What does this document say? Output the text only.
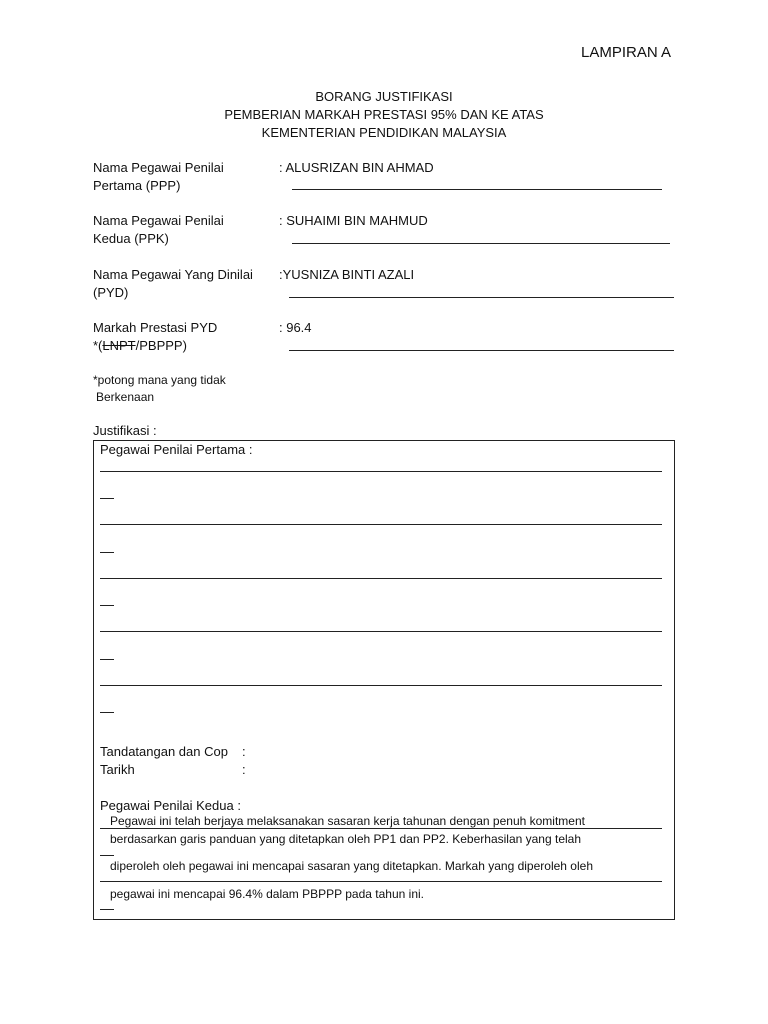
LAMPIRAN A
BORANG JUSTIFIKASI
PEMBERIAN MARKAH PRESTASI 95% DAN KE ATAS
KEMENTERIAN PENDIDIKAN MALAYSIA
Nama Pegawai Penilai
Pertama (PPP)
: ALUSRIZAN BIN AHMAD
Nama Pegawai Penilai
Kedua (PPK)
: SUHAIMI BIN MAHMUD
Nama Pegawai Yang Dinilai
(PYD)
:YUSNIZA BINTI AZALI
Markah Prestasi PYD
*(LNPT/PBPPP)
: 96.4
*potong mana yang tidak
Berkenaan
Justifikasi :
Pegawai Penilai Pertama :
Tandatangan dan Cop :
Tarikh	:
Pegawai Penilai Kedua :
Pegawai ini telah berjaya melaksanakan sasaran kerja tahunan dengan penuh komitment
berdasarkan garis panduan yang ditetapkan oleh PP1 dan PP2. Keberhasilan yang telah
diperoleh oleh pegawai ini mencapai sasaran yang ditetapkan. Markah yang diperoleh oleh
pegawai ini mencapai 96.4% dalam PBPPP pada tahun ini.
